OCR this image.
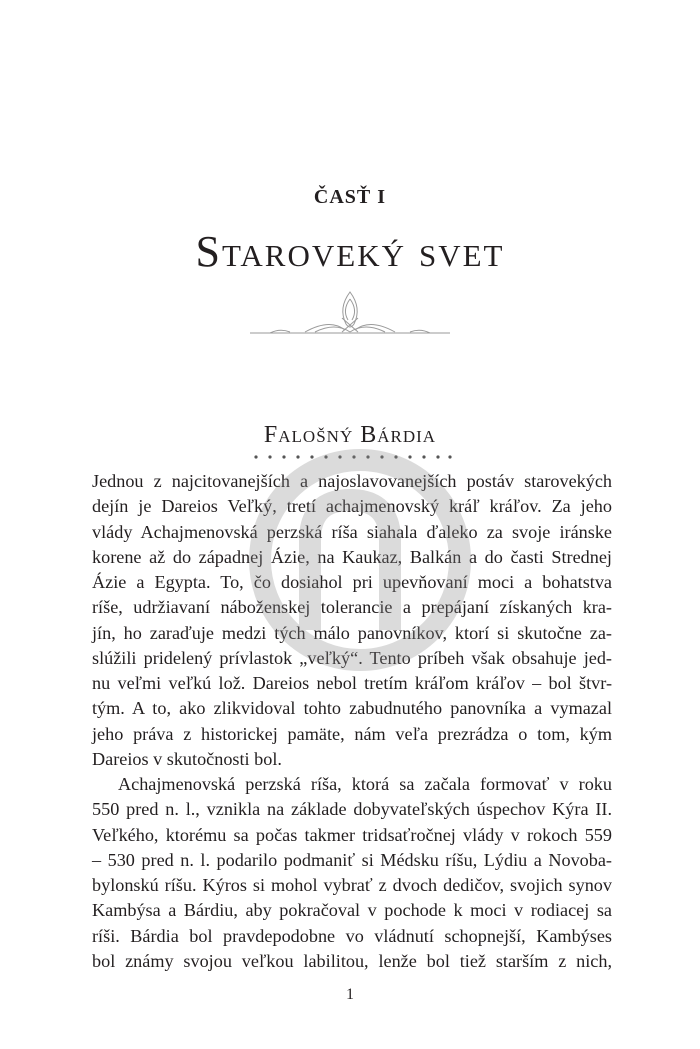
ČASŤ I
Staroveký svet
Falošný Bárdia
Jednou z najcitovanejších a najoslavovanejších postáv starovekých
dejín je Dareios Veľký, tretí achajmenovský kráľ kráľov. Za jeho
vlády Achajmenovská perzská ríša siahala ďaleko za svoje iránske
korene až do západnej Ázie, na Kaukaz, Balkán a do časti Strednej
Ázie a Egypta. To, čo dosiahol pri upevňovaní moci a bohatstva
ríše, udržiavaní náboženskej tolerancie a prepájaní získaných kra-
jín, ho zaraďuje medzi tých málo panovníkov, ktorí si skutočne za-
slúžili pridelený prívlastok „veľký“. Tento príbeh však obsahuje jed-
nu veľmi veľkú lož. Dareios nebol tretím kráľom kráľov – bol štvr-
tým. A to, ako zlikvidoval tohto zabudnutého panovníka a vymazal
jeho práva z historickej pamäte, nám veľa prezrádza o tom, kým
Dareios v skutočnosti bol.
Achajmenovská perzská ríša, ktorá sa začala formovať v roku
550 pred n. l., vznikla na základe dobyvateľských úspechov Kýra II.
Veľkého, ktorému sa počas takmer tridsaťročnej vlády v rokoch 559
– 530 pred n. l. podarilo podmaniť si Médsku ríšu, Lýdiu a Novoba-
bylonskú ríšu. Kýros si mohol vybrať z dvoch dedičov, svojich synov
Kambýsa a Bárdiu, aby pokračoval v pochode k moci v rodiacej sa
ríši. Bárdia bol pravdepodobne vo vládnutí schopnejší, Kambýses
bol známy svojou veľkou labilitou, lenže bol tiež starším z nich,
1
